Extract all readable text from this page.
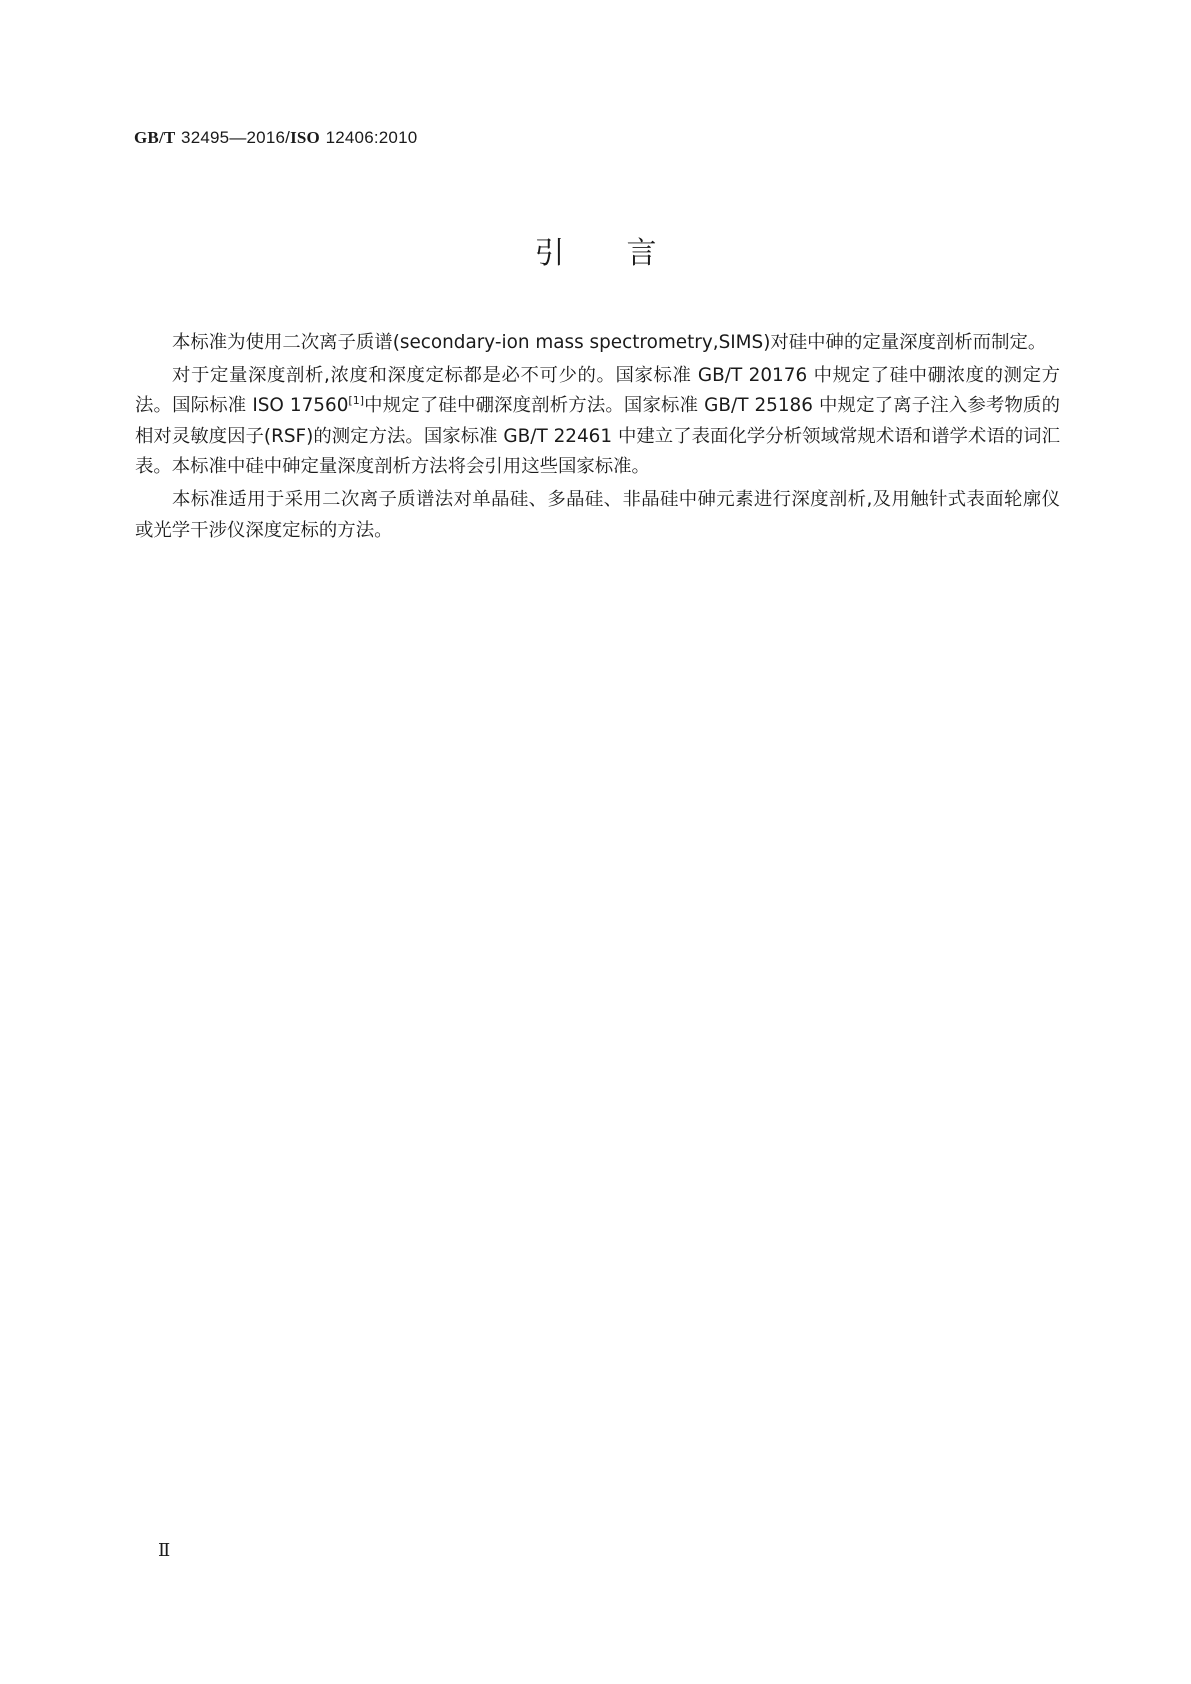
GB/T 32495—2016/ISO 12406:2010
引 言

本标准为使用二次离子质谱(secondary-ion mass spectrometry,SIMS)对硅中砷的定量深度剖析而制定。

对于定量深度剖析,浓度和深度定标都是必不可少的。国家标准 GB/T 20176 中规定了硅中硼浓度的测定方法。国际标准 ISO 17560[1]中规定了硅中硼深度剖析方法。国家标准 GB/T 25186 中规定了离子注入参考物质的相对灵敏度因子(RSF)的测定方法。国家标准 GB/T 22461 中建立了表面化学分析领域常规术语和谱学术语的词汇表。本标准中硅中砷定量深度剖析方法将会引用这些国家标准。

本标准适用于采用二次离子质谱法对单晶硅、多晶硅、非晶硅中砷元素进行深度剖析,及用触针式表面轮廓仪或光学干涉仪深度定标的方法。

Ⅱ
